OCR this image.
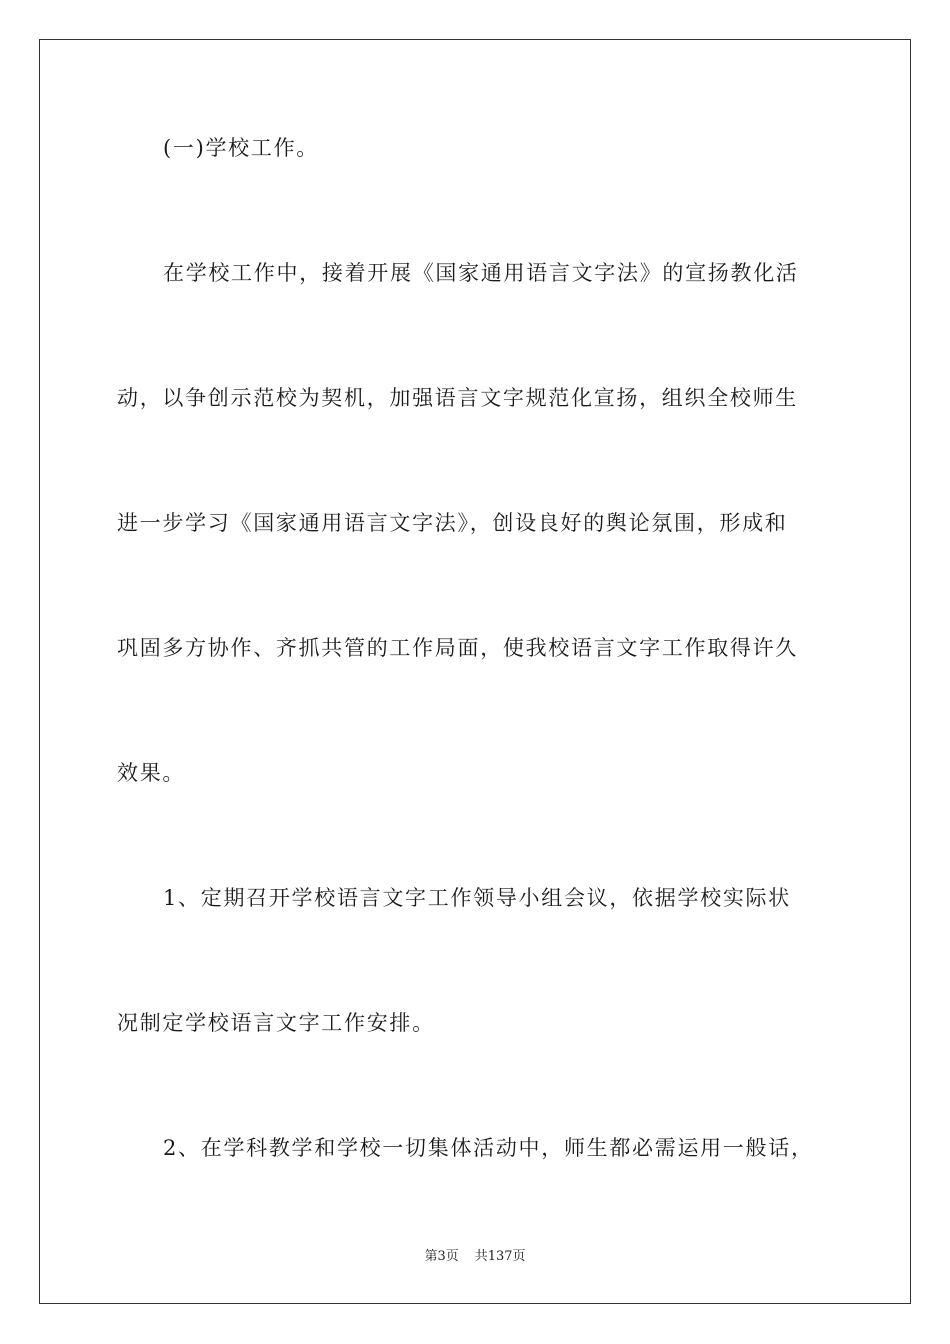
(一)学校工作。
在学校工作中，接着开展《国家通用语言文字法》的宣扬教化活
动，以争创示范校为契机，加强语言文字规范化宣扬，组织全校师生
进一步学习《国家通用语言文字法》，创设良好的舆论氛围，形成和
巩固多方协作、齐抓共管的工作局面，使我校语言文字工作取得许久
效果。
1、定期召开学校语言文字工作领导小组会议，依据学校实际状
况制定学校语言文字工作安排。
2、在学科教学和学校一切集体活动中，师生都必需运用一般话，
第3页 共137页
